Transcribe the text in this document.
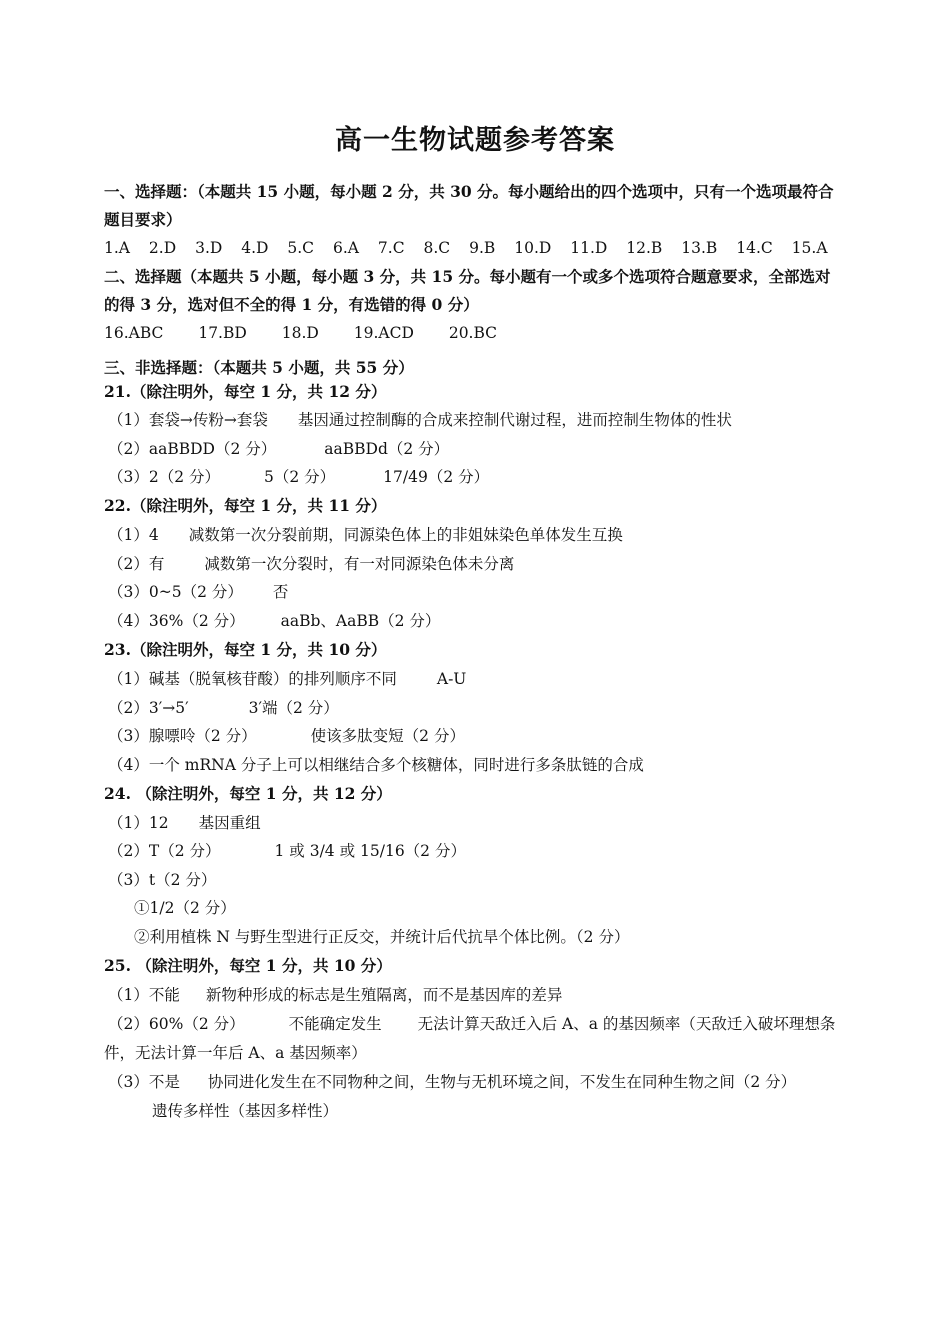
高一生物试题参考答案
一、选择题：（本题共 15 小题，每小题 2 分，共 30 分。每小题给出的四个选项中，只有一个选项最符合
题目要求）
1.A 2.D 3.D 4.D 5.C 6.A 7.C 8.C 9.B 10.D 11.D 12.B 13.B 14.C 15.A
二、选择题（本题共 5 小题，每小题 3 分，共 15 分。每小题有一个或多个选项符合题意要求，全部选对
的得 3 分，选对但不全的得 1 分，有选错的得 0 分）
16.ABC 17.BD 18.D 19.ACD 20.BC
三、非选择题：（本题共 5 小题，共 55 分）
21.（除注明外，每空 1 分，共 12 分）
（1）套袋→传粉→套袋 基因通过控制酶的合成来控制代谢过程，进而控制生物体的性状
（2）aaBBDD（2 分）	aaBBDd（2 分）
（3）2（2 分）	5（2 分）	17/49（2 分）
22.（除注明外，每空 1 分，共 11 分）
（1）4 减数第一次分裂前期，同源染色体上的非姐妹染色单体发生互换
（2）有	减数第一次分裂时，有一对同源染色体未分离
（3）0~5（2 分） 否
（4）36%（2 分） aaBb、AaBB（2 分）
23.（除注明外，每空 1 分，共 10 分）
（1）碱基（脱氧核苷酸）的排列顺序不同	A-U
（2）3′→5′	3′端（2 分）
（3）腺嘌呤（2 分）	使该多肽变短（2 分）
（4）一个 mRNA 分子上可以相继结合多个核糖体，同时进行多条肽链的合成
24. （除注明外，每空 1 分，共 12 分）
（1）12 基因重组
（2）T（2 分）	1 或 3/4 或 15/16（2 分）
（3）t（2 分）
①1/2（2 分）
②利用植株 N 与野生型进行正反交，并统计后代抗旱个体比例。（2 分）
25. （除注明外，每空 1 分，共 10 分）
（1）不能 新物种形成的标志是生殖隔离，而不是基因库的差异
（2）60%（2 分）	不能确定发生 无法计算天敌迁入后 A、a 的基因频率（天敌迁入破坏理想条
件，无法计算一年后 A、a 基因频率）
（3）不是 协同进化发生在不同物种之间，生物与无机环境之间，不发生在同种生物之间（2 分）
遗传多样性（基因多样性）
